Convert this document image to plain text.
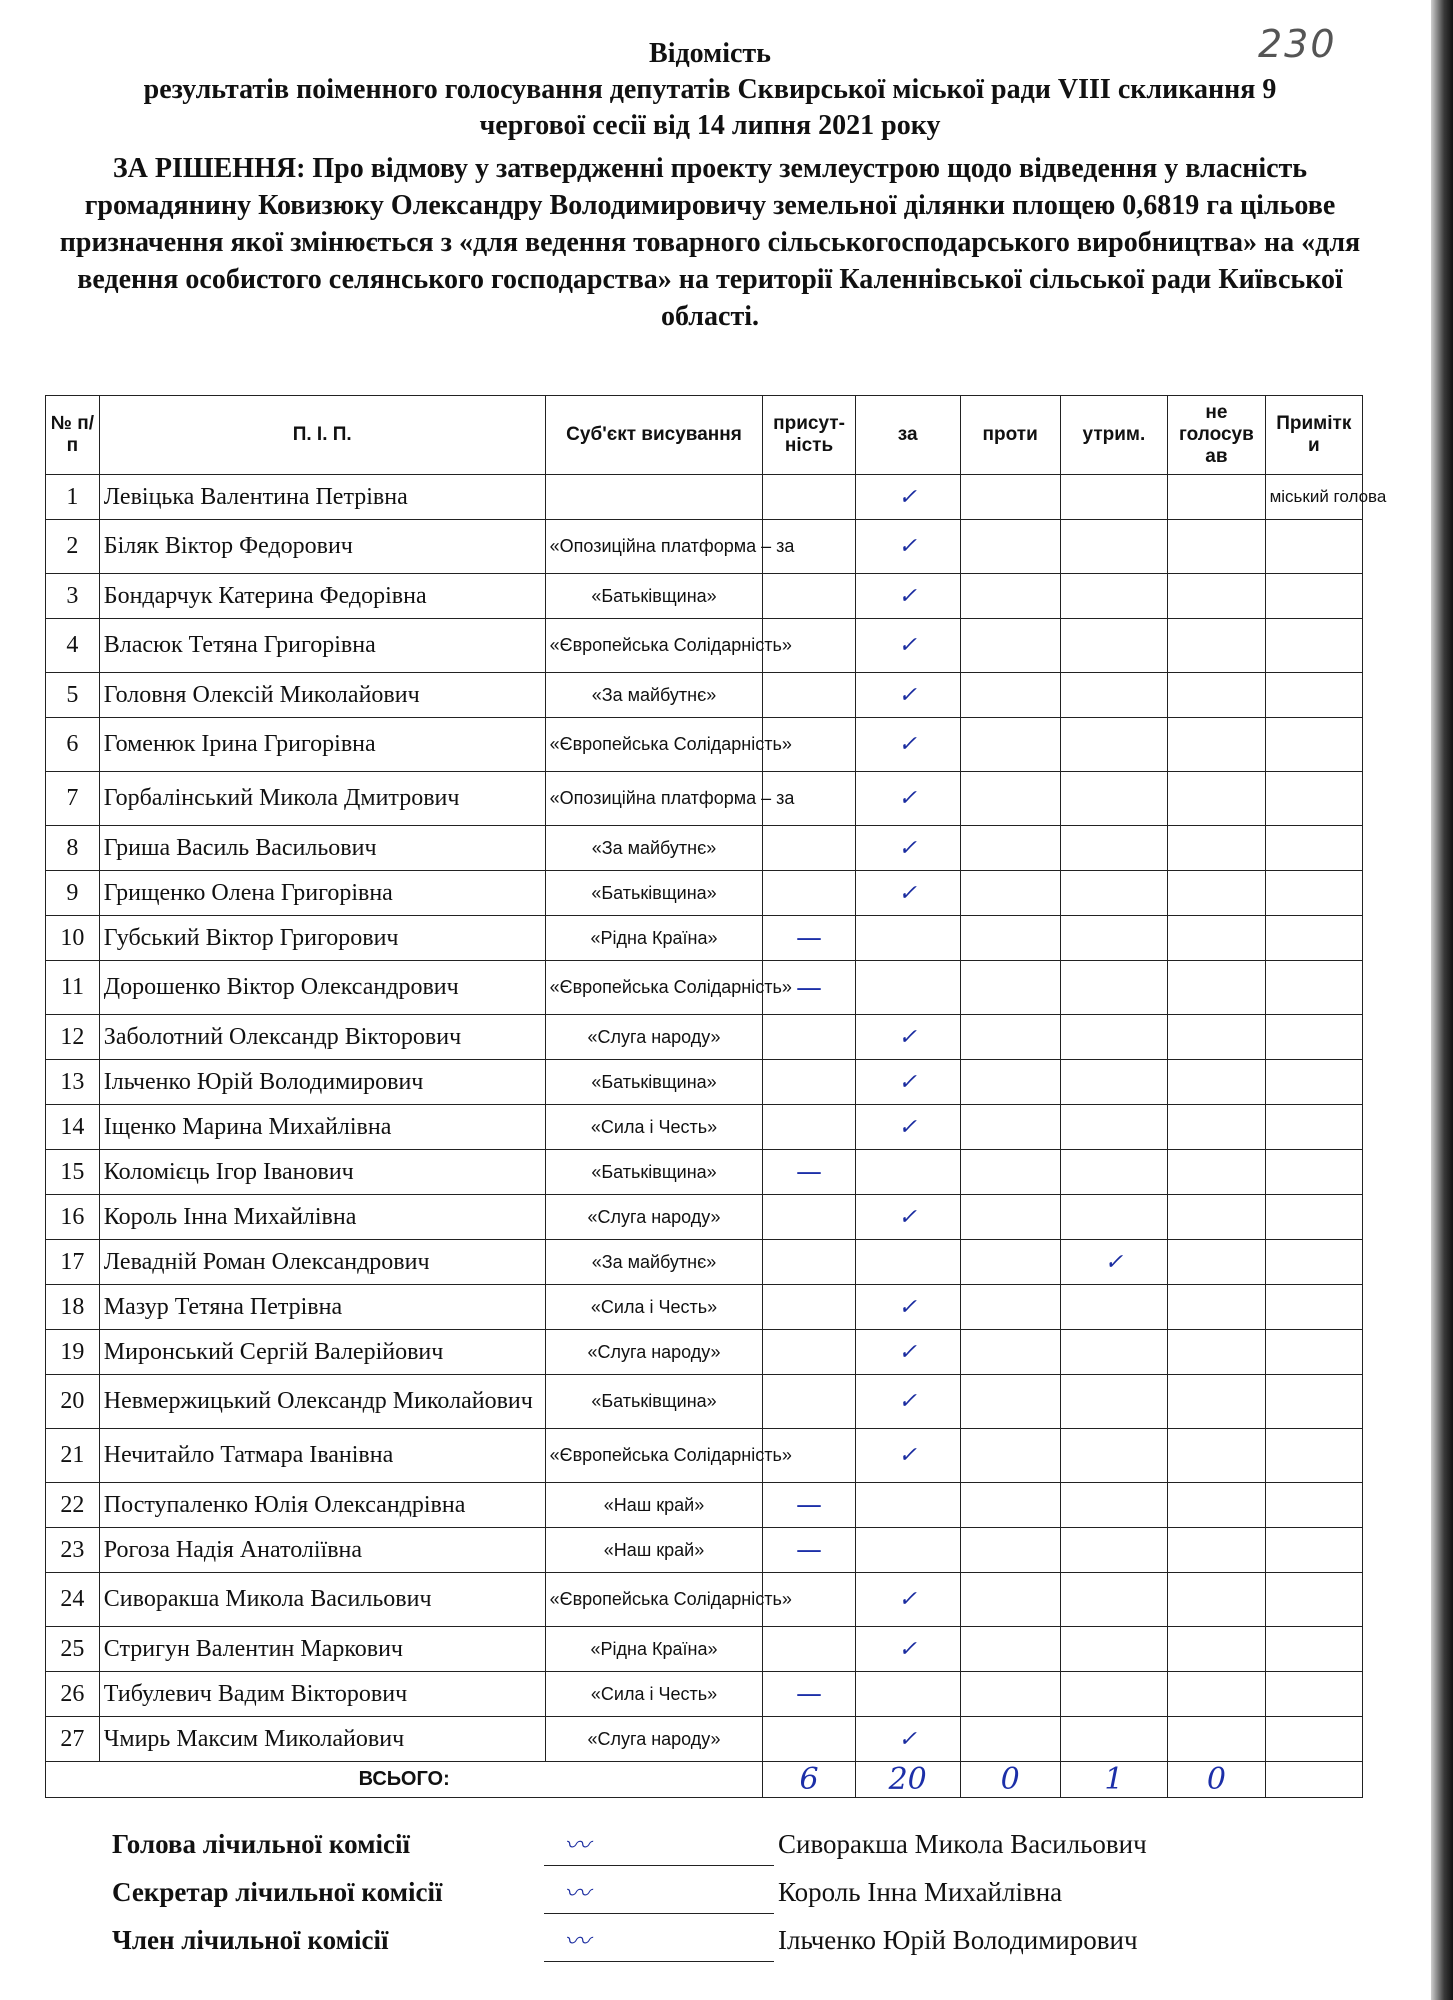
230
Відомість
результатів поіменного голосування депутатів Сквирської міської ради VIII скликання 9
чергової сесії від 14 липня 2021 року
ЗА РІШЕННЯ: Про відмову у затвердженні проекту землеустрою щодо відведення у власність громадянину Ковизюку Олександру Володимировичу земельної ділянки площею 0,6819 га цільове призначення якої змінюється з «для ведення товарного сільськогосподарського виробництва» на «для ведення особистого селянського господарства» на території Каленнівської сільської ради Київської області.
№ п/п	П. І. П.	Суб'єкт висування	присут-ність	за	проти	утрим.	не голосув ав	Примітк и
1	Левіцька Валентина Петрівна			✓				міський голова
2	Біляк Віктор Федорович	«Опозиційна платформа – за		✓				
3	Бондарчук Катерина Федорівна	«Батьківщина»		✓				
4	Власюк Тетяна Григорівна	«Європейська Солідарність»		✓				
5	Головня Олексій Миколайович	«За майбутнє»		✓				
6	Гоменюк Ірина Григорівна	«Європейська Солідарність»		✓				
7	Горбалінський Микола Дмитрович	«Опозиційна платформа – за		✓				
8	Гриша Василь Васильович	«За майбутнє»		✓				
9	Грищенко Олена Григорівна	«Батьківщина»		✓				
10	Губський Віктор Григорович	«Рідна Країна»	—					
11	Дорошенко Віктор Олександрович	«Європейська Солідарність»	—					
12	Заболотний Олександр Вікторович	«Слуга народу»		✓				
13	Ільченко Юрій Володимирович	«Батьківщина»		✓				
14	Іщенко Марина Михайлівна	«Сила і Честь»		✓				
15	Коломієць Ігор Іванович	«Батьківщина»	—					
16	Король Інна Михайлівна	«Слуга народу»		✓				
17	Левадній Роман Олександрович	«За майбутнє»				✓		
18	Мазур Тетяна Петрівна	«Сила і Честь»		✓				
19	Миронський Сергій Валерійович	«Слуга народу»		✓				
20	Невмержицький Олександр Миколайович	«Батьківщина»		✓				
21	Нечитайло Татмара Іванівна	«Європейська Солідарність»		✓				
22	Поступаленко Юлія Олександрівна	«Наш край»	—					
23	Рогоза Надія Анатоліївна	«Наш край»	—					
24	Сиворакша Микола Васильович	«Європейська Солідарність»		✓				
25	Стригун Валентин Маркович	«Рідна Країна»		✓				
26	Тибулевич Вадим Вікторович	«Сила і Честь»	—					
27	Чмирь Максим Миколайович	«Слуга народу»		✓				
ВСЬОГО:			6	20	0	1	0	
Голова лічильної комісії	〰	Сиворакша Микола Васильович
Секретар лічильної комісії	〰	Король Інна Михайлівна
Член лічильної комісії	〰	Ільченко Юрій Володимирович
